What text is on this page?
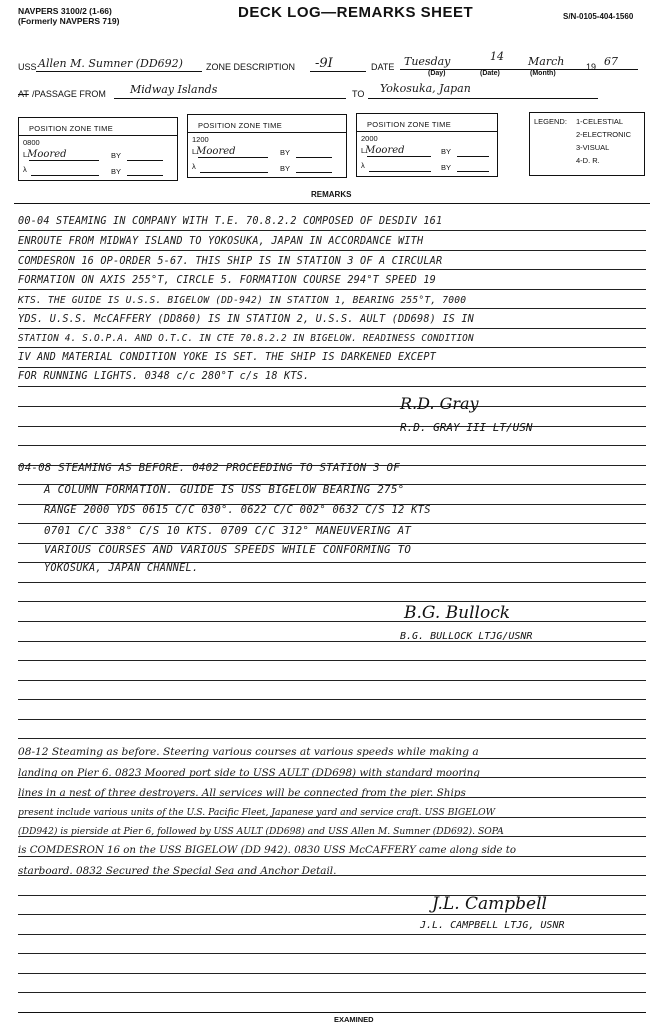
NAVPERS 3100/2 (1-66)
(Formerly NAVPERS 719)	DECK LOG—REMARKS SHEET	S/N-0105-404-1560
USS Allen M. Sumner (DD692)	ZONE DESCRIPTION -9I	DATE Tuesday	14 March 19 67
(Day)	(Date)	(Month)
AT /PASSAGE FROM Midway Islands	TO Yokosuka, Japan
POSITION ZONE TIME
0800
LMoored	BY
λ	BY
POSITION ZONE TIME
1200
LMoored	BY
λ	BY
POSITION ZONE TIME
2000
LMoored	BY
λ	BY
LEGEND: 1-CELESTIAL
2-ELECTRONIC
3-VISUAL
4-D. R.
REMARKS
00-04 STEAMING IN COMPANY WITH T.E. 70.8.2.2 COMPOSED OF DESDIV 161
ENROUTE FROM MIDWAY ISLAND TO YOKOSUKA, JAPAN IN ACCORDANCE WITH
COMDESRON 16 OP-ORDER 5-67. THIS SHIP IS IN STATION 3 OF A CIRCULAR
FORMATION ON AXIS 255°T, CIRCLE 5. FORMATION COURSE 294°T SPEED 19
KTS. THE GUIDE IS U.S.S. BIGELOW (DD-942) IN STATION 1, BEARING 255°T, 7000
YDS. U.S.S. McCAFFERY (DD860) IS IN STATION 2, U.S.S. AULT (DD698) IS IN
STATION 4. S.O.P.A. AND O.T.C. IN CTE 70.8.2.2 IN BIGELOW. READINESS CONDITION
IV AND MATERIAL CONDITION YOKE IS SET. THE SHIP IS DARKENED EXCEPT
FOR RUNNING LIGHTS. 0348 c/c 280°T c/s 18 KTS.
R.D. Gray
R.D. GRAY III LT/USN
04-08 STEAMING AS BEFORE. 0402 PROCEEDING TO STATION 3 OF
A COLUMN FORMATION. GUIDE IS USS BIGELOW BEARING 275°
RANGE 2000 YDS 0615 C/C 030°. 0622 C/C 002° 0632 C/S 12 KTS
0701 C/C 338° C/S 10 KTS. 0709 C/C 312° MANEUVERING AT
VARIOUS COURSES AND VARIOUS SPEEDS WHILE CONFORMING TO
YOKOSUKA, JAPAN CHANNEL.
B.G. Bullock
B.G. BULLOCK LTJG/USNR
08-12 Steaming as before. Steering various courses at various speeds while making a
landing on Pier 6. 0823 Moored port side to USS AULT (DD698) with standard mooring
lines in a nest of three destroyers. All services will be connected from the pier. Ships
present include various units of the U.S. Pacific Fleet, Japanese yard and service craft. USS BIGELOW
(DD942) is pierside at Pier 6, followed by USS AULT (DD698) and USS Allen M. Sumner (DD692). SOPA
is COMDESRON 16 on the USS BIGELOW (DD 942). 0830 USS McCAFFERY came along side to
starboard. 0832 Secured the Special Sea and Anchor Detail.
J.L. Campbell
J.L. CAMPBELL LTJG, USNR
EXAMINED
